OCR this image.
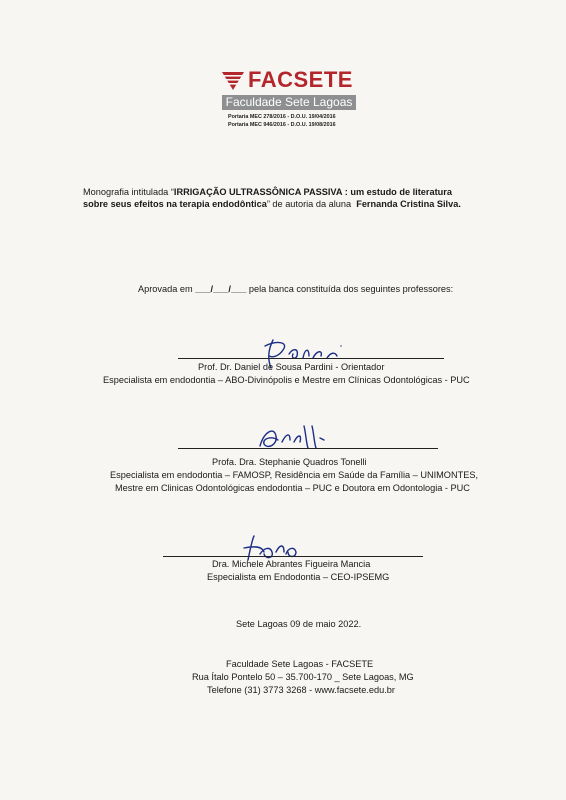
FACSETE
Faculdade Sete Lagoas
Portaria MEC 278/2016 - D.O.U. 19/04/2016
Portaria MEC 946/2016 - D.O.U. 19/08/2016
Monografia intitulada “IRRIGAÇÃO ULTRASSÔNICA PASSIVA : um estudo de literatura
sobre seus efeitos na terapia endodôntica” de autoria da aluna Fernanda Cristina Silva.
Aprovada em ___/___/___ pela banca constituída dos seguintes professores:
Prof. Dr. Daniel de Sousa Pardini - Orientador
Especialista em endodontia – ABO-Divinópolis e Mestre em Clínicas Odontológicas - PUC
Profa. Dra. Stephanie Quadros Tonelli
Especialista em endodontia – FAMOSP, Residência em Saúde da Família – UNIMONTES,
Mestre em Clinicas Odontológicas endodontia – PUC e Doutora em Odontologia - PUC
Dra. Michele Abrantes Figueira Mancia
Especialista em Endodontia – CEO-IPSEMG
Sete Lagoas 09 de maio 2022.
Faculdade Sete Lagoas - FACSETE
Rua Ítalo Pontelo 50 – 35.700-170 _ Sete Lagoas, MG
Telefone (31) 3773 3268 - www.facsete.edu.br
